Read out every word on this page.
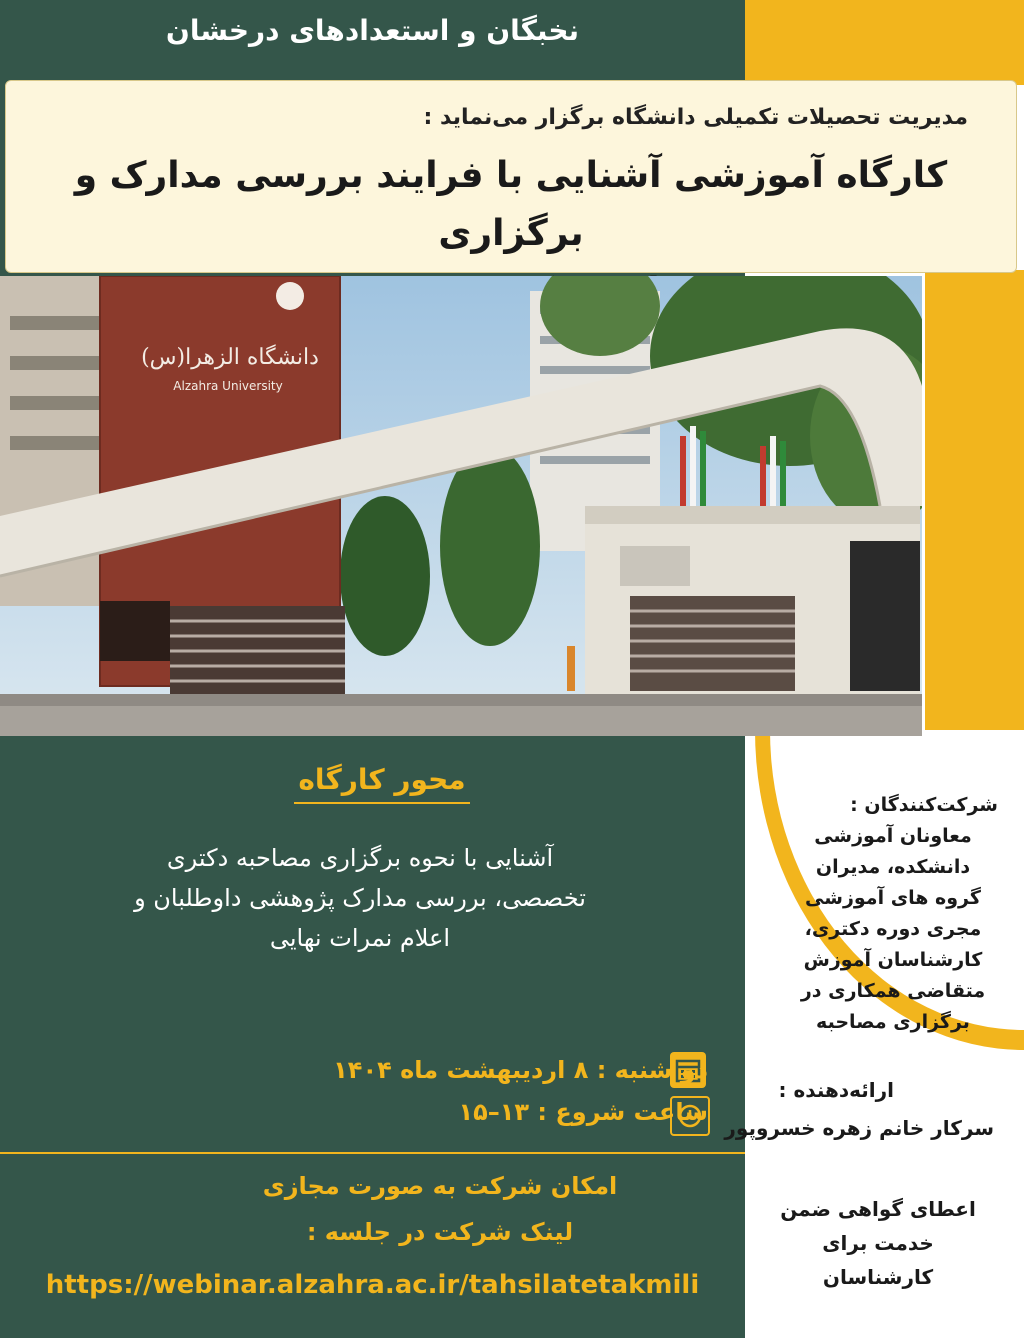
نخبگان و استعدادهای درخشان
مدیریت تحصیلات تکمیلی دانشگاه برگزار می‌نماید :
کارگاه آموزشی آشنایی با فرایند بررسی مدارک و برگزاری
دانشگاه الزهرا(س)
Alzahra University
محور کارگاه
آشنایی با نحوه برگزاری مصاحبه دکتری
تخصصی، بررسی مدارک پژوهشی داوطلبان و
اعلام نمرات نهایی
دو شنبه : ۸ اردیبهشت ماه ۱۴۰۴
ساعت شروع : ۱۳–۱۵
امکان شرکت به صورت مجازی
لینک شرکت در جلسه :
https://webinar.alzahra.ac.ir/tahsilatetakmili
شرکت‌کنندگان :
معاونان آموزشی
دانشکده، مدیران
گروه های آموزشی
مجری دوره دکتری،
کارشناسان آموزش
متقاضی همکاری در
برگزاری مصاحبه
ارائه‌دهنده :
سرکار خانم زهره خسروپور
اعطای گواهی ضمن
خدمت برای
کارشناسان
